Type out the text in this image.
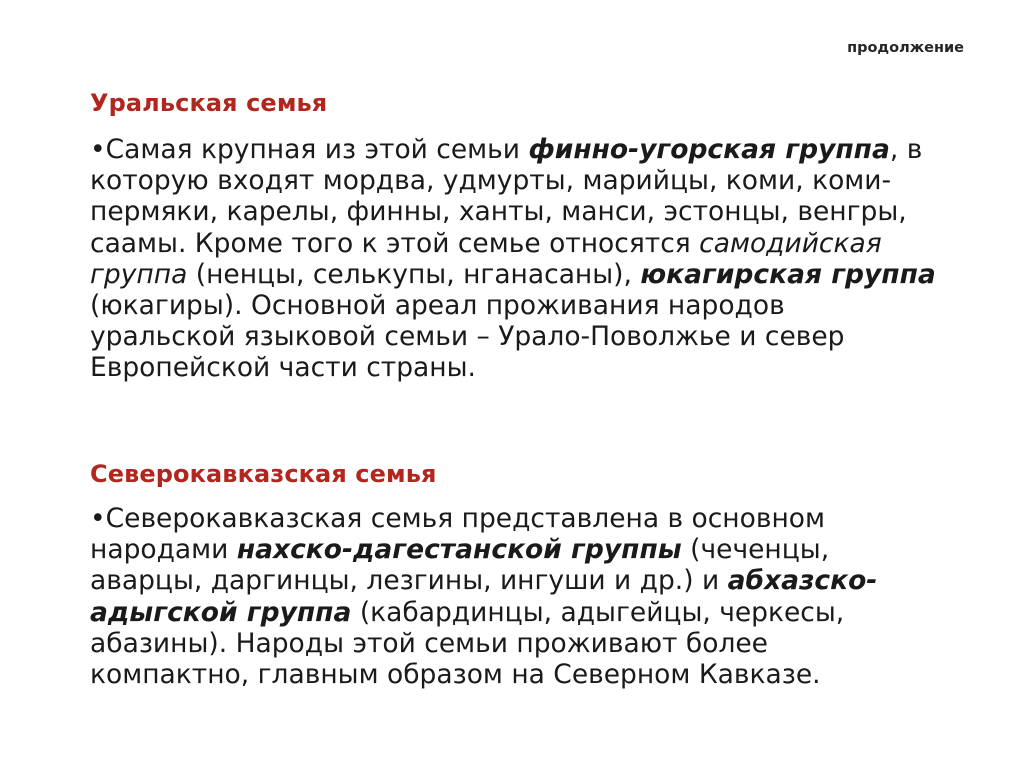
продолжение
Уральская семья
•Самая крупная из этой семьи финно-угорская группа, в
которую входят мордва, удмурты, марийцы, коми, коми-
пермяки, карелы, финны, ханты, манси, эстонцы, венгры,
саамы. Кроме того к этой семье относятся самодийская
группа (ненцы, селькупы, нганасаны), юкагирская группа
(юкагиры). Основной ареал проживания народов
уральской языковой семьи – Урало-Поволжье и север
Европейской части страны.
Северокавказская семья
•Северокавказская семья представлена в основном
народами нахско-дагестанской группы (чеченцы,
аварцы, даргинцы, лезгины, ингуши и др.) и абхазско-
адыгской группа (кабардинцы, адыгейцы, черкесы,
абазины). Народы этой семьи проживают более
компактно, главным образом на Северном Кавказе.
